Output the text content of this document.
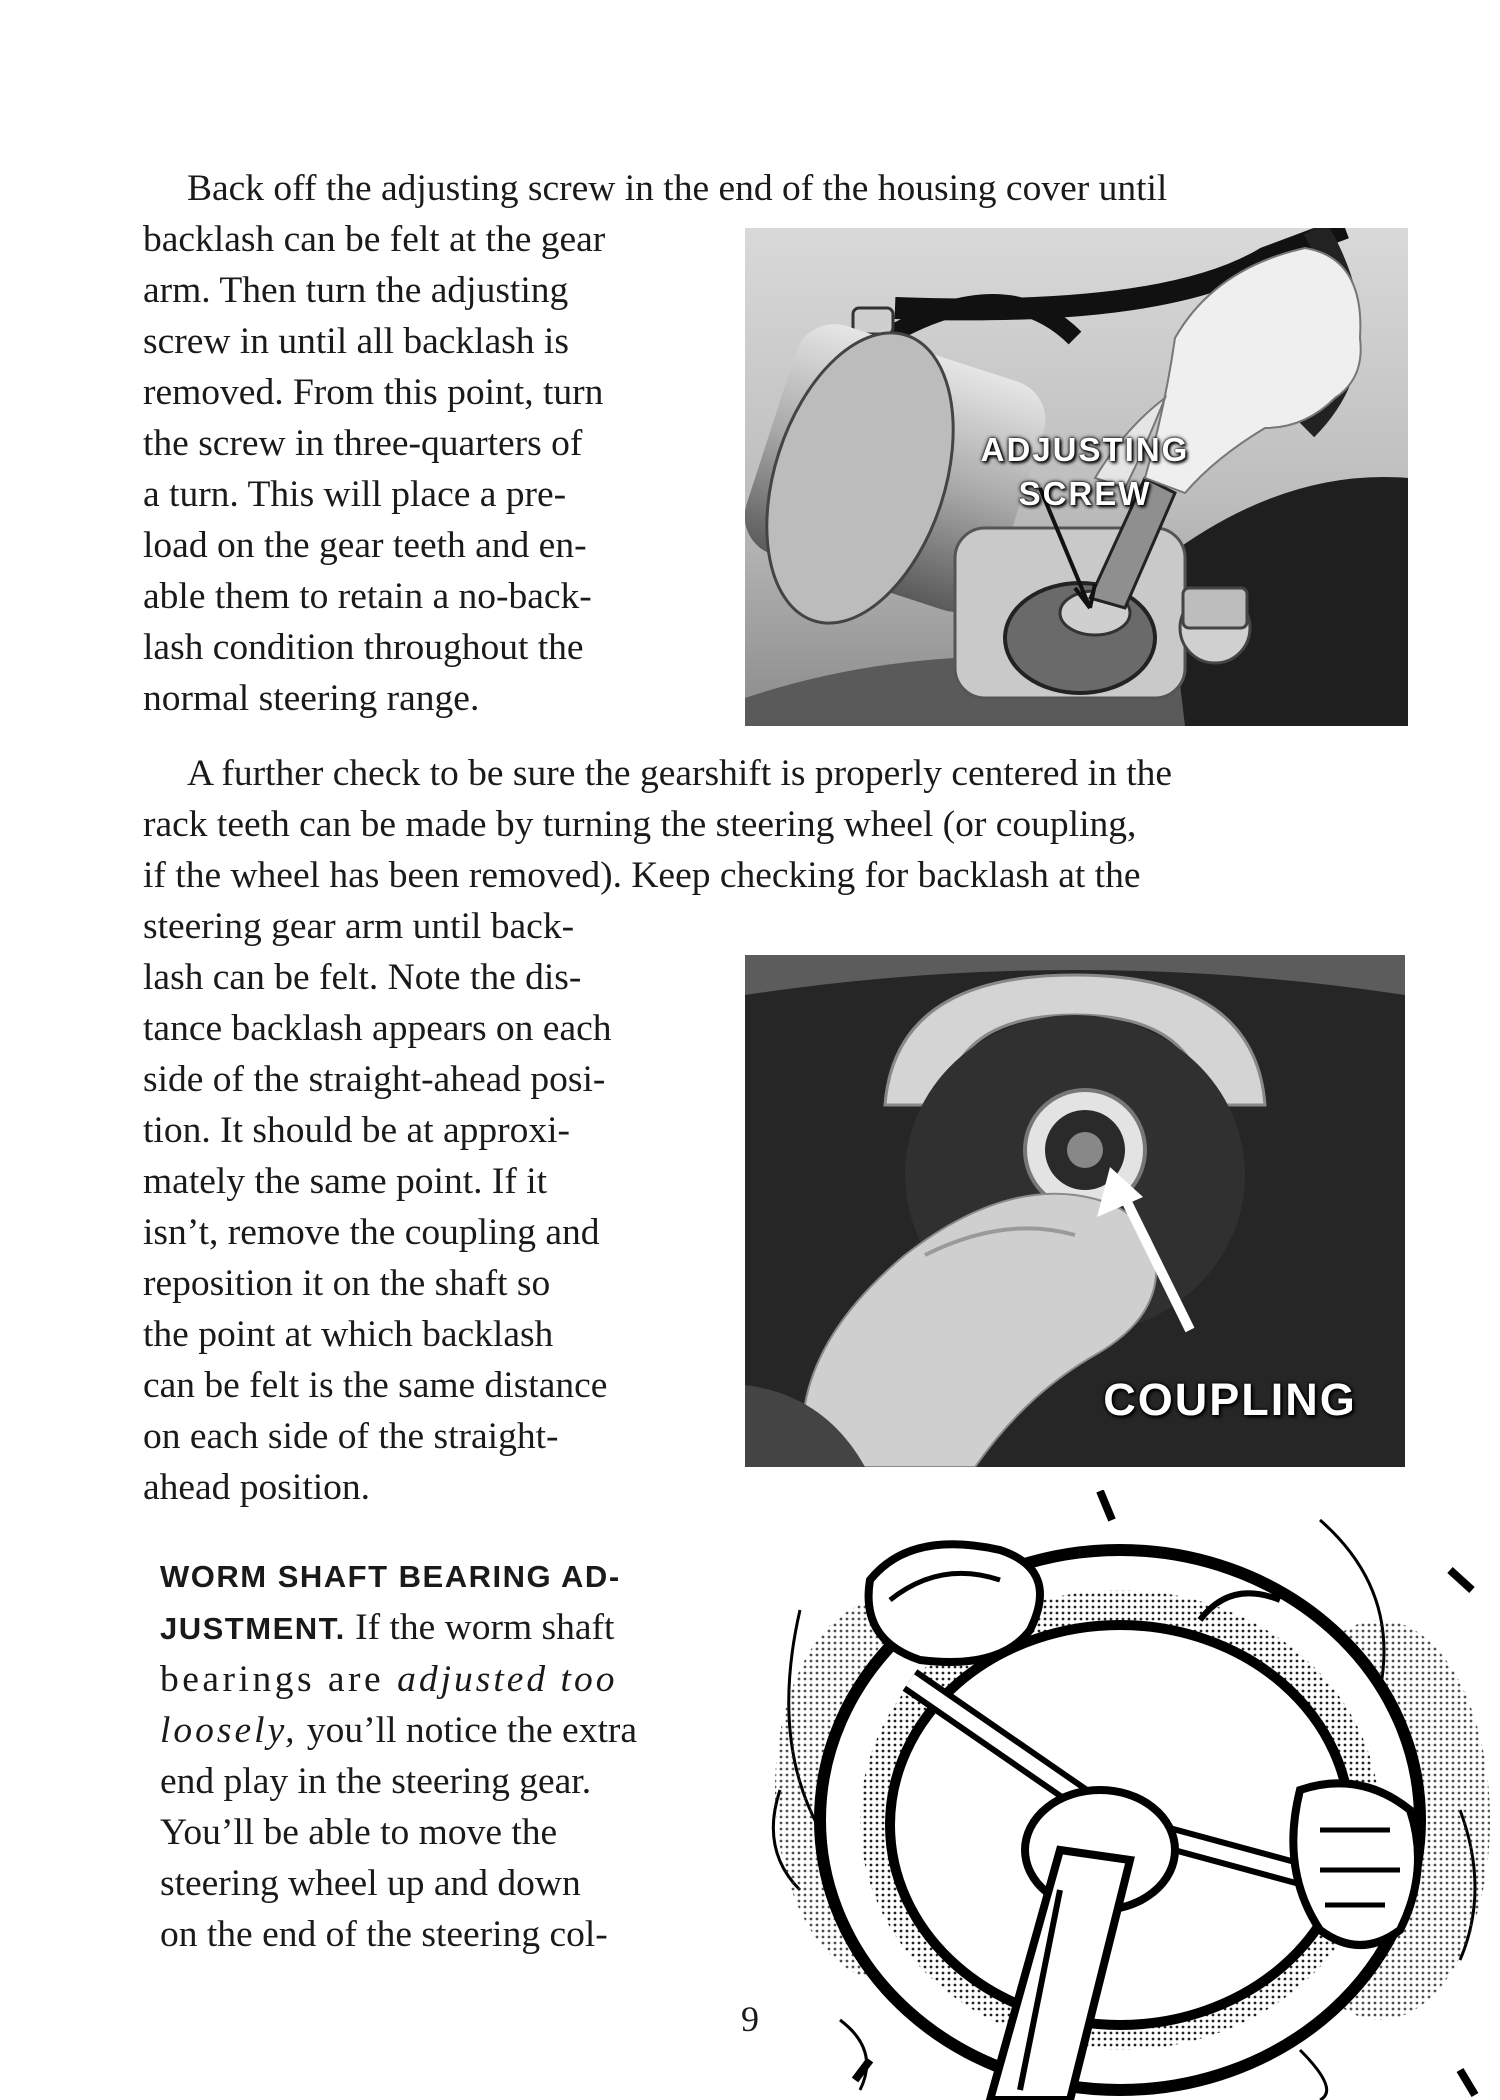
Back off the adjusting screw in the end of the housing cover until

backlash can be felt at the gear
arm. Then turn the adjusting
screw in until all backlash is
removed. From this point, turn
the screw in three-quarters of
a turn. This will place a pre-
load on the gear teeth and en-
able them to retain a no-back-
lash condition throughout the
normal steering range.
ADJUSTING
SCREW
A further check to be sure the gearshift is properly centered in the
rack teeth can be made by turning the steering wheel (or coupling,
if the wheel has been removed). Keep checking for backlash at the
steering gear arm until back-
lash can be felt. Note the dis-
tance backlash appears on each
side of the straight-ahead posi-
tion. It should be at approxi-
mately the same point. If it
isn’t, remove the coupling and
reposition it on the shaft so
the point at which backlash
can be felt is the same distance
on each side of the straight-
ahead position.
COUPLING
WORM SHAFT BEARING AD-
JUSTMENT. If the worm shaft
bearings are adjusted too
loosely, you’ll notice the extra
end play in the steering gear.
You’ll be able to move the
steering wheel up and down
on the end of the steering col-

9
